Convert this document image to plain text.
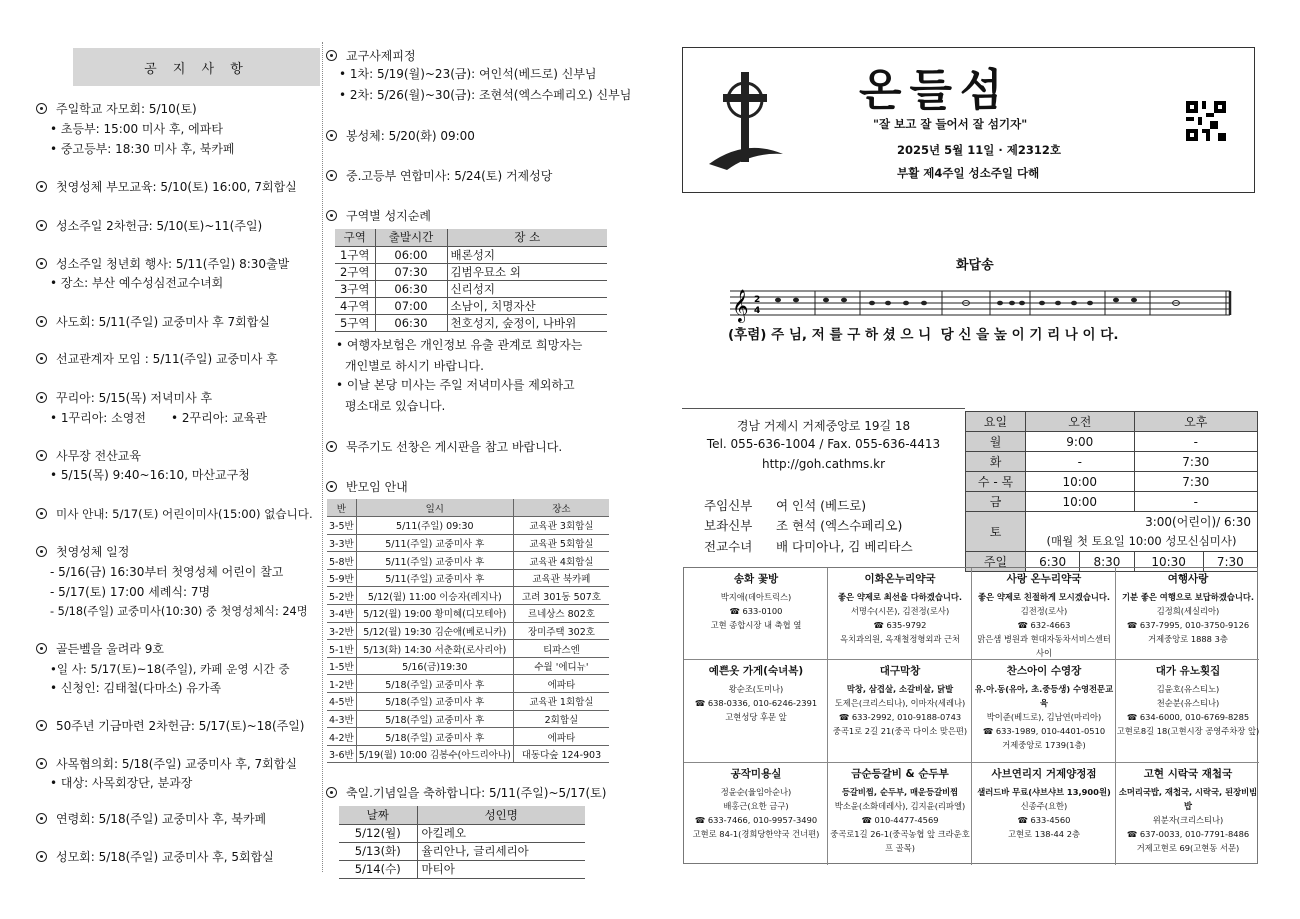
공 지 사 항
주일학교 자모회: 5/10(토)
• 초등부: 15:00 미사 후, 에파타
• 중고등부: 18:30 미사 후, 북카페
첫영성체 부모교육: 5/10(토) 16:00, 7회합실
성소주일 2차헌금: 5/10(토)~11(주일)
성소주일 청년회 행사: 5/11(주일) 8:30출발
• 장소: 부산 예수성심전교수녀회
사도회: 5/11(주일) 교중미사 후 7회합실
선교관계자 모임 : 5/11(주일) 교중미사 후
꾸리아: 5/15(목) 저녁미사 후
• 1꾸리아: 소영전 • 2꾸리아: 교육관
사무장 전산교육
• 5/15(목) 9:40~16:10, 마산교구청
미사 안내: 5/17(토) 어린이미사(15:00) 없습니다.
첫영성체 일정
- 5/16(금) 16:30부터 첫영성체 어린이 찰고
- 5/17(토) 17:00 세례식: 7명
- 5/18(주일) 교중미사(10:30) 중 첫영성체식: 24명
골든벨을 울려라 9호
•일 사: 5/17(토)~18(주일), 카페 운영 시간 중
• 신청인: 김태철(다마소) 유가족
50주년 기금마련 2차헌금: 5/17(토)~18(주일)
사목협의회: 5/18(주일) 교중미사 후, 7회합실
• 대상: 사목회장단, 분과장
연령회: 5/18(주일) 교중미사 후, 북카페
성모회: 5/18(주일) 교중미사 후, 5회합실
교구사제피정
• 1차: 5/19(월)~23(금): 여인석(베드로) 신부님
• 2차: 5/26(월)~30(금): 조현석(엑스수페리오) 신부님
봉성체: 5/20(화) 09:00
중.고등부 연합미사: 5/24(토) 거제성당
구역별 성지순례
구역	출발시간	장 소
1구역	06:00	배론성지
2구역	07:30	김범우묘소 외
3구역	06:30	신리성지
4구역	07:00	소남이, 치명자산
5구역	06:30	천호성지, 숲정이, 나바위
• 여행자보험은 개인정보 유출 관계로 희망자는
개인별로 하시기 바랍니다.
• 이날 본당 미사는 주일 저녁미사를 제외하고
평소대로 있습니다.
묵주기도 선창은 게시판을 참고 바랍니다.
반모임 안내
반	일시	장소
3-5반	5/11(주일) 09:30	교육관 3회합실
3-3반	5/11(주일) 교중미사 후	교육관 5회합실
5-8반	5/11(주일) 교중미사 후	교육관 4회합실
5-9반	5/11(주일) 교중미사 후	교육관 북카페
5-2반	5/12(월) 11:00 이승자(레지나)	고려 301동 507호
3-4반	5/12(월) 19:00 황미혜(디모테아)	르네상스 802호
3-2반	5/12(월) 19:30 김순애(베로니카)	장미주택 302호
5-1반	5/13(화) 14:30 서춘화(로사리아)	티파스엔
1-5반	5/16(금)19:30	수월 '에디뉴'
1-2반	5/18(주일) 교중미사 후	에파타
4-5반	5/18(주일) 교중미사 후	교육관 1회합실
4-3반	5/18(주일) 교중미사 후	2회합실
4-2반	5/18(주일) 교중미사 후	에파타
3-6반	5/19(월) 10:00 김봉수(아드리아나)	대동다숲 124-903
축일.기념일을 축하합니다: 5/11(주일)~5/17(토)
날짜	성인명
5/12(월)	아킬레오
5/13(화)	율리안나, 글리세리아
5/14(수)	마티아
온들섬
"잘 보고 잘 들어서 잘 섬기자"
2025년 5월 11일 · 제2312호
부활 제4주일 성소주일 다해
화답송
𝄞 2
4
(후렴) 주 님, 저 를 구 하 셨 으 니  당 신 을 높 이 기 리 나 이 다.
경남 거제시 거제중앙로 19길 18
Tel. 055-636-1004 / Fax. 055-636-4413
http://goh.cathms.kr
주임신부 여 인석 (베드로)
보좌신부 조 현석 (엑스수페리오)
전교수녀 배 다미아나, 김 베리타스
요일	오전		오후	
월	9:00		-	
화	-		7:30	
수 - 목	10:00		7:30	
금	10:00		-	
토	3:00(어린이)/ 6:30			
	(매월 첫 토요일 10:00 성모신심미사)			
주일	6:30	8:30	10:30	7:30
송화 꽃방
박지애(데아트릭스)
☎ 633-0100
고현 종합시장 내 축협 옆
이화온누리약국
좋은 약제로 최선을 다하겠습니다.
서명수(시몬), 김전정(로사)
☎ 635-9792
옥치과의원, 옥재철정형외과 근처
사랑 온누리약국
좋은 약제로 친절하게 모시겠습니다.
김전정(로사)
☎ 632-4663
맑은샘 병원과 현대자동차서비스센터 사이
여행사랑
기분 좋은 여행으로 보답하겠습니다.
김정희(세실리아)
☎ 637-7995, 010-3750-9126
거제중앙로 1888 3층
예쁜옷 가게(숙녀복)
왕순조(도미나)
☎ 638-0336, 010-6246-2391
고현성당 후문 앞
대구막창
막창, 삼겹살, 소갈비살, 닭발
도제은(크리스티나), 이마자(세레나)
☎ 633-2992, 010-9188-0743
중곡1로 2길 21(중곡 다이소 맞은편)
찬스아이 수영장
유.아.동(유아, 초.중등생) 수영전문교육
박이준(베드로), 김남연(마리아)
☎ 633-1989, 010-4401-0510
거제중앙로 1739(1층)
대가 유노횟집
김윤호(유스티노)
천순분(유스티나)
☎ 634-6000, 010-6769-8285
고현로8길 18(고현시장 공영주차장 앞)
공작미용실
정윤순(율임아순나)
배홍근(요한 금구)
☎ 633-7466, 010-9957-3490
고현로 84-1(경희당한약국 건너편)
금순등갈비 & 순두부
등갈비찜, 순두부, 매운등갈비찜
박소윤(소화데레사), 김지윤(리파엘)
☎ 010-4477-4569
중곡로1길 26-1(중곡농협 앞 크라운호프 골목)
사브연리지 거제양정점
샐러드바 무료(샤브샤브 13,900원)
신종주(요한)
☎ 633-4560
고현로 138-44 2층
고현 시락국 재첩국
소머리국밥, 재첩국, 시락국, 된장비빔밥
위분자(크리스티나)
☎ 637-0033, 010-7791-8486
거제고현로 69(고현동 서문)
